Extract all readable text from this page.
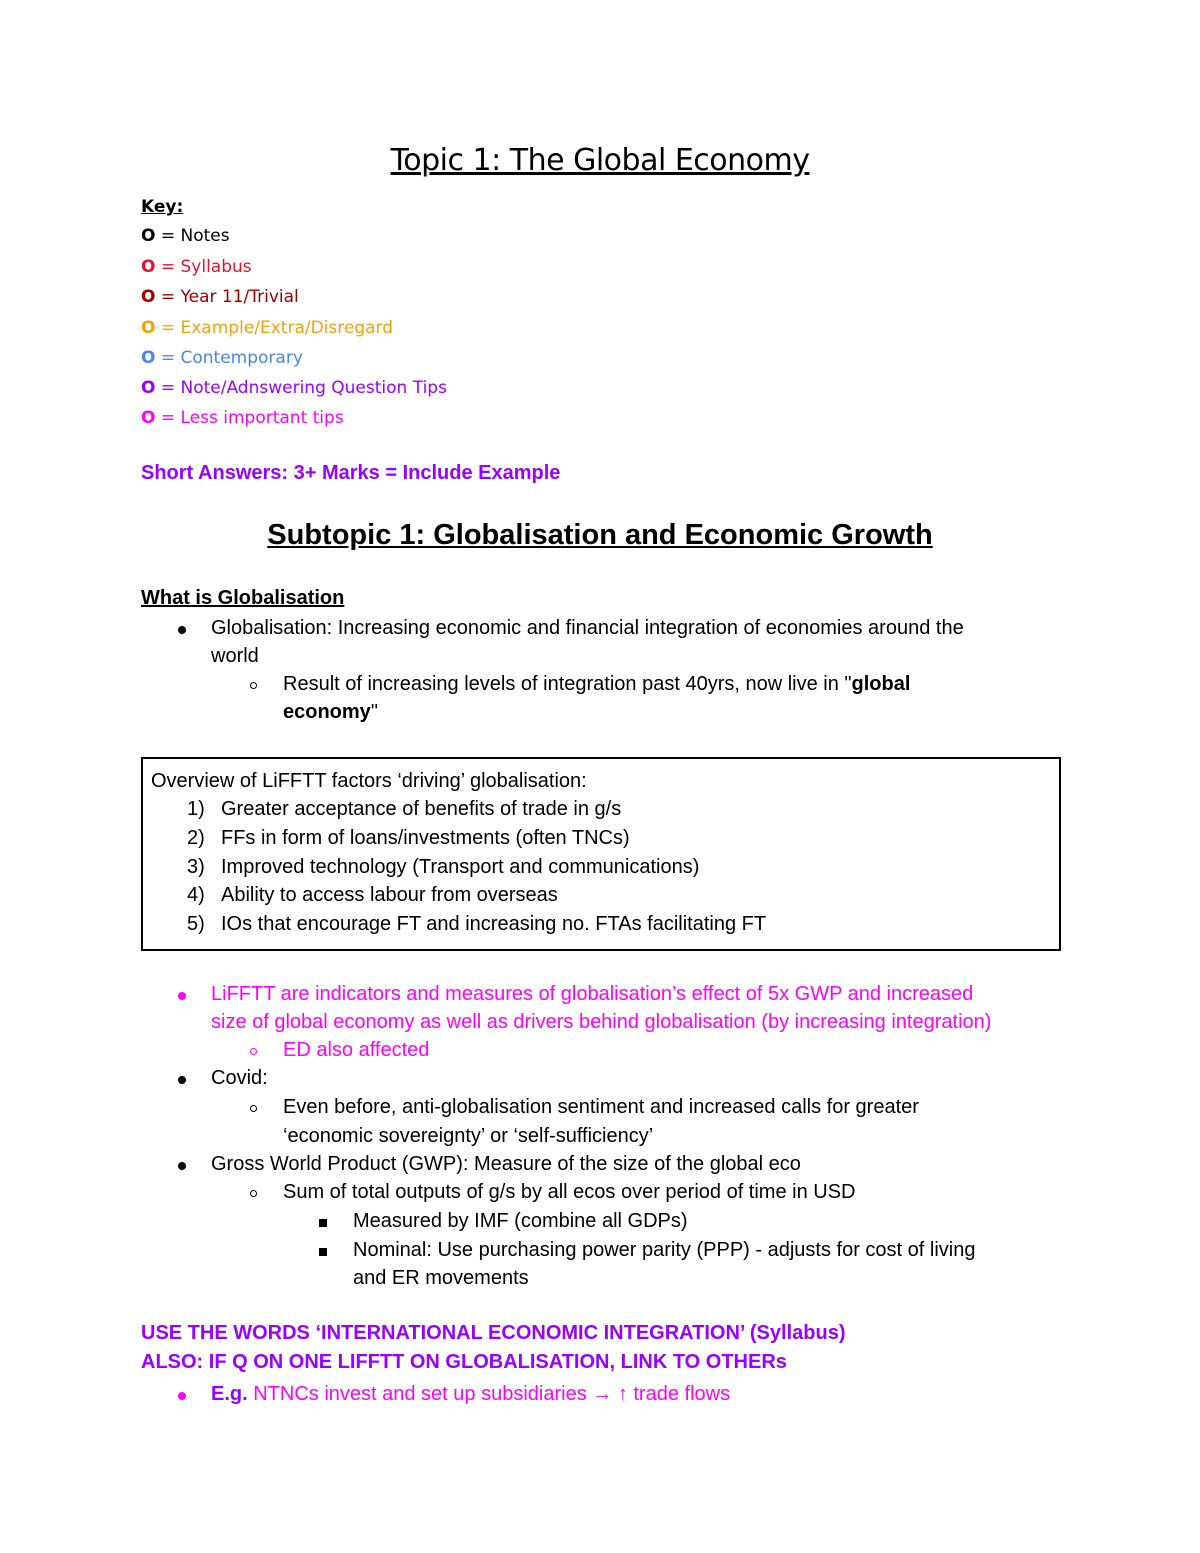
Topic 1: The Global Economy
Key:
O = Notes
O = Syllabus
O = Year 11/Trivial
O = Example/Extra/Disregard
O = Contemporary
O = Note/Adnswering Question Tips
O = Less important tips
Short Answers: 3+ Marks = Include Example
Subtopic 1: Globalisation and Economic Growth
What is Globalisation
Globalisation: Increasing economic and financial integration of economies around the
world
Result of increasing levels of integration past 40yrs, now live in "global
economy"
Overview of LiFFTT factors ‘driving’ globalisation:
1) Greater acceptance of benefits of trade in g/s
2) FFs in form of loans/investments (often TNCs)
3) Improved technology (Transport and communications)
4) Ability to access labour from overseas
5) IOs that encourage FT and increasing no. FTAs facilitating FT
LiFFTT are indicators and measures of globalisation’s effect of 5x GWP and increased
size of global economy as well as drivers behind globalisation (by increasing integration)
ED also affected
Covid:
Even before, anti-globalisation sentiment and increased calls for greater
‘economic sovereignty’ or ‘self-sufficiency’
Gross World Product (GWP): Measure of the size of the global eco
Sum of total outputs of g/s by all ecos over period of time in USD
Measured by IMF (combine all GDPs)
Nominal: Use purchasing power parity (PPP) - adjusts for cost of living
and ER movements
USE THE WORDS ‘INTERNATIONAL ECONOMIC INTEGRATION’ (Syllabus)
ALSO: IF Q ON ONE LIFFTT ON GLOBALISATION, LINK TO OTHERs
E.g. NTNCs invest and set up subsidiaries → ↑ trade flows
